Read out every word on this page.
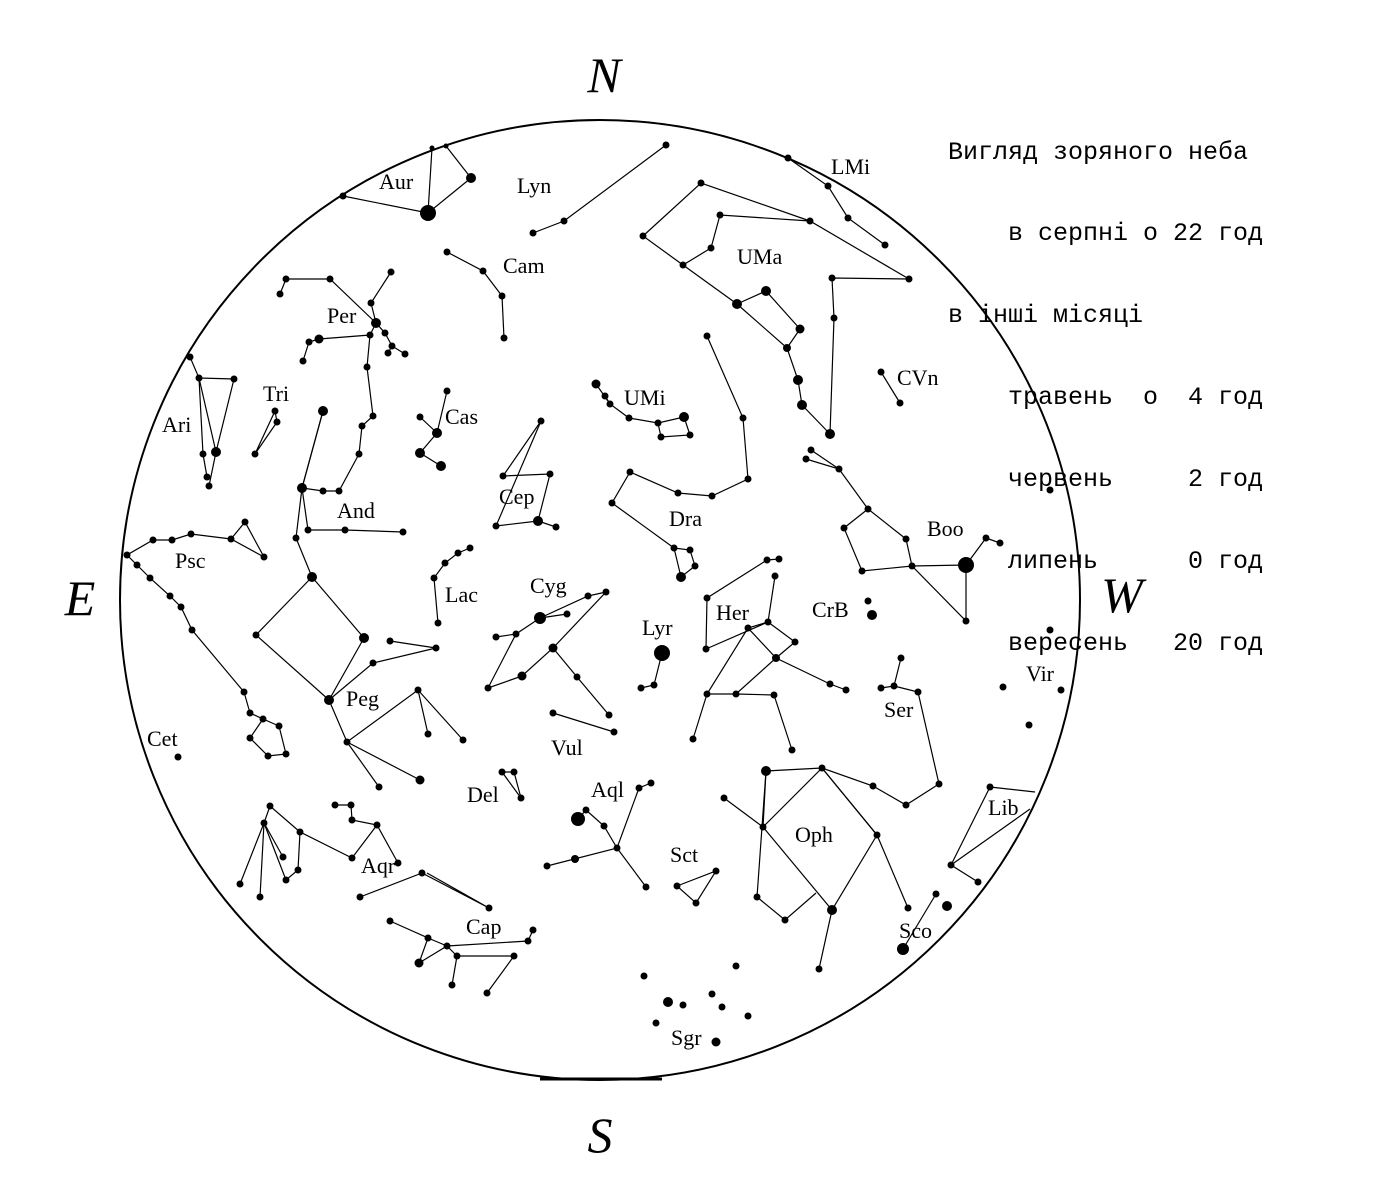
N
S
E	W
Aur	Lyn
LMi
Cam	UMa
Per
Tri
Ari	Cas
UMi
CVn
And
Cep
Dra	Boo
Psc
Lac Cyg
Her	CrB
Lyr
Vir
Peg	Ser
Cet	Vul
Del	Aql
Lib
Oph
Sct
Aqr
Cap	Sco
Sgr

Вигляд зоряного неба

в серпні о 22 год

в інші місяці

травень  о  4 год

червень     2 год

липень      0 год

вересень   20 год
